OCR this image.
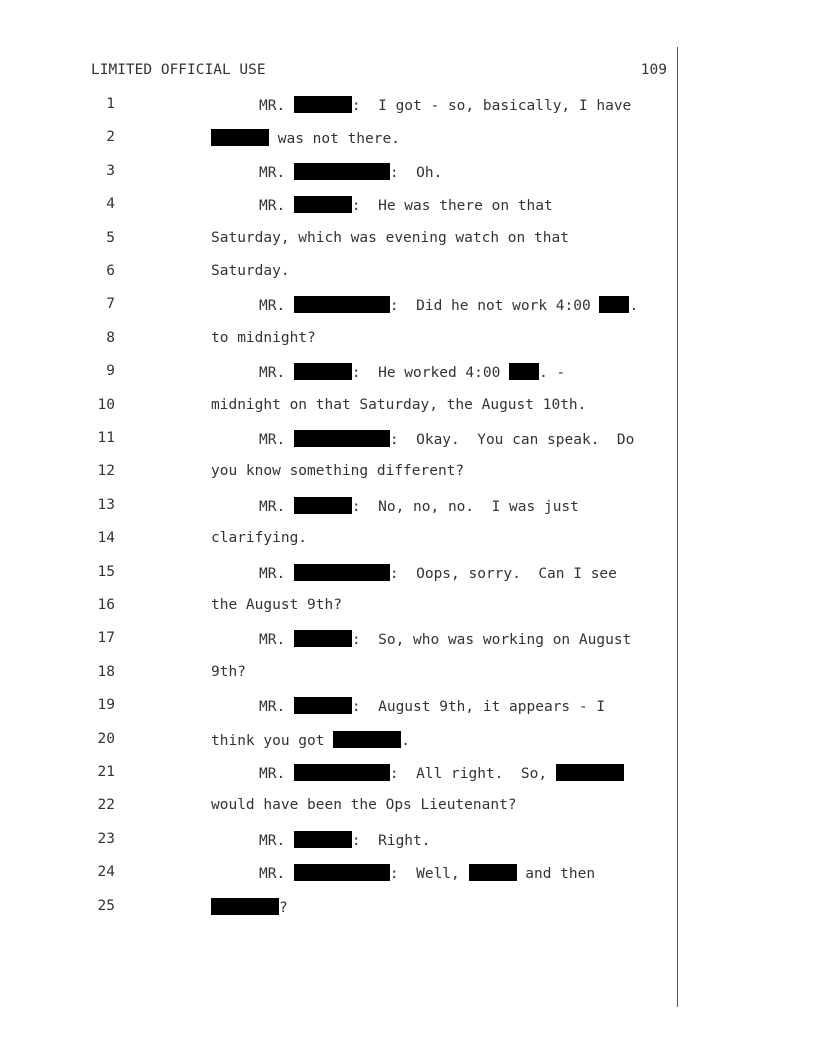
LIMITED OFFICIAL USE	109
1	MR.	:  I got - so, basically, I have
2	was not there.
3	MR.	:  Oh.
4	MR.	:  He was there on that
5	Saturday, which was evening watch on that
6	Saturday.
7	MR.	:  Did he not work 4:00 .
8	to midnight?
9	MR.	:  He worked 4:00 . -
10	midnight on that Saturday, the August 10th.
11	MR.	:  Okay.  You can speak.  Do
12	you know something different?
13	MR.	:  No, no, no.  I was just
14	clarifying.
15	MR.	:  Oops, sorry.  Can I see
16	the August 9th?
17	MR.	:  So, who was working on August
18	9th?
19	MR.	:  August 9th, it appears - I
20	think you got	.
21	MR.	:  All right.  So,
22	would have been the Ops Lieutenant?
23	MR.	:  Right.
24	MR.	:  Well,	and then
25	?
